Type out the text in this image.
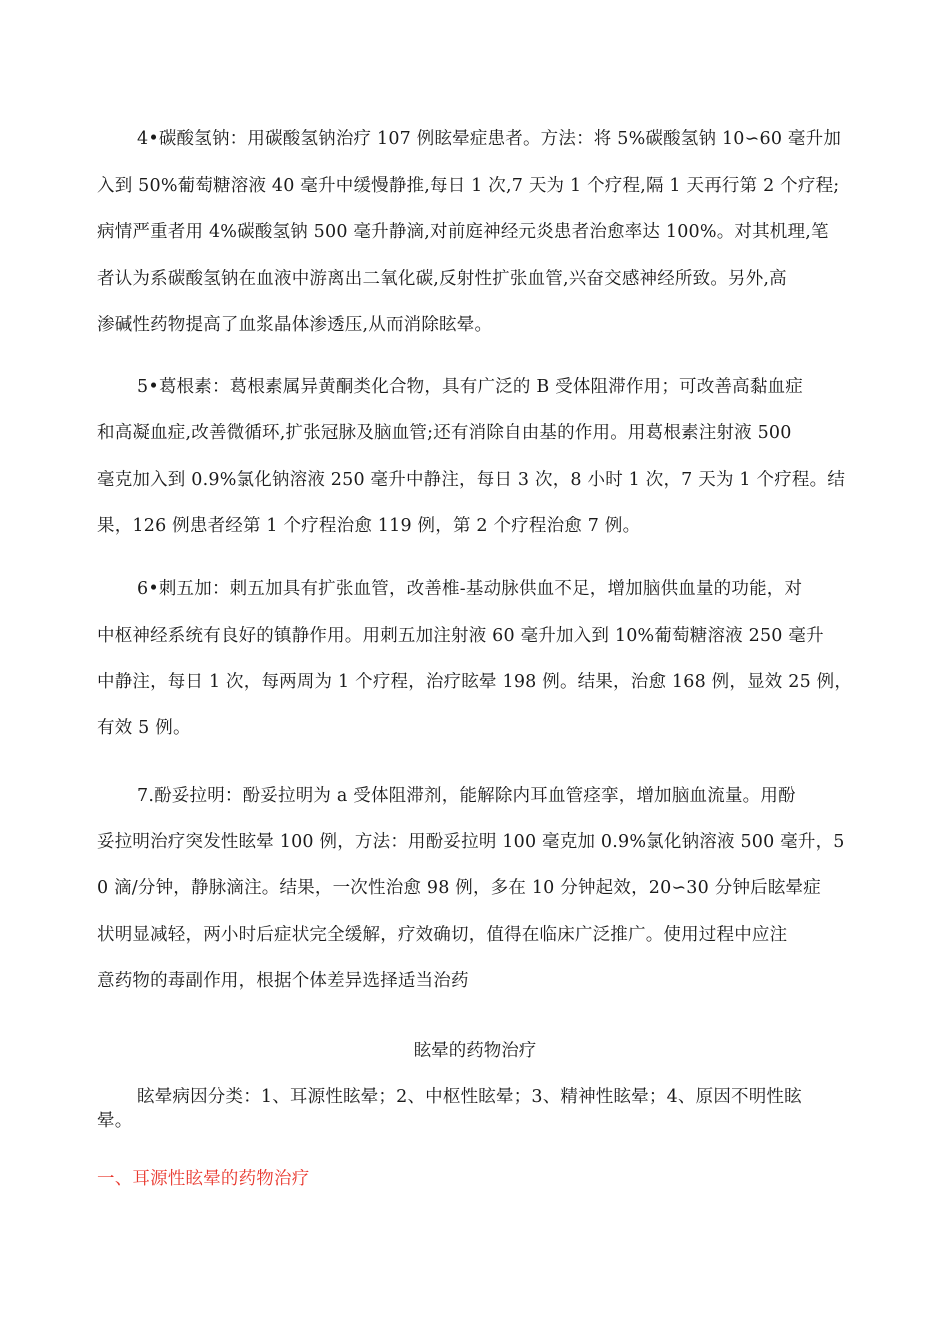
4•碳酸氢钠：用碳酸氢钠治疗 107 例眩晕症患者。方法：将 5%碳酸氢钠 10∽60 毫升加
入到 50%葡萄糖溶液 40 毫升中缓慢静推,每日 1 次,7 天为 1 个疗程,隔 1 天再行第 2 个疗程;
病情严重者用 4%碳酸氢钠 500 毫升静滴,对前庭神经元炎患者治愈率达 100%。对其机理,笔
者认为系碳酸氢钠在血液中游离出二氧化碳,反射性扩张血管,兴奋交感神经所致。另外,高
渗碱性药物提高了血浆晶体渗透压,从而消除眩晕。
5•葛根素：葛根素属异黄酮类化合物，具有广泛的 B 受体阻滞作用；可改善高黏血症
和高凝血症,改善微循环,扩张冠脉及脑血管;还有消除自由基的作用。用葛根素注射液 500
毫克加入到 0.9%氯化钠溶液 250 毫升中静注，每日 3 次，8 小时 1 次，7 天为 1 个疗程。结
果，126 例患者经第 1 个疗程治愈 119 例，第 2 个疗程治愈 7 例。
6•刺五加：刺五加具有扩张血管，改善椎-基动脉供血不足，增加脑供血量的功能，对
中枢神经系统有良好的镇静作用。用刺五加注射液 60 毫升加入到 10%葡萄糖溶液 250 毫升
中静注，每日 1 次，每两周为 1 个疗程，治疗眩晕 198 例。结果，治愈 168 例，显效 25 例，
有效 5 例。
7.酚妥拉明：酚妥拉明为 a 受体阻滞剂，能解除内耳血管痉挛，增加脑血流量。用酚
妥拉明治疗突发性眩晕 100 例，方法：用酚妥拉明 100 毫克加 0.9%氯化钠溶液 500 毫升，5
0 滴/分钟，静脉滴注。结果，一次性治愈 98 例，多在 10 分钟起效，20∽30 分钟后眩晕症
状明显减轻，两小时后症状完全缓解，疗效确切，值得在临床广泛推广。使用过程中应注
意药物的毒副作用，根据个体差异选择适当治药
眩晕的药物治疗
眩晕病因分类：1、耳源性眩晕；2、中枢性眩晕；3、精神性眩晕；4、原因不明性眩
晕。
一、耳源性眩晕的药物治疗
